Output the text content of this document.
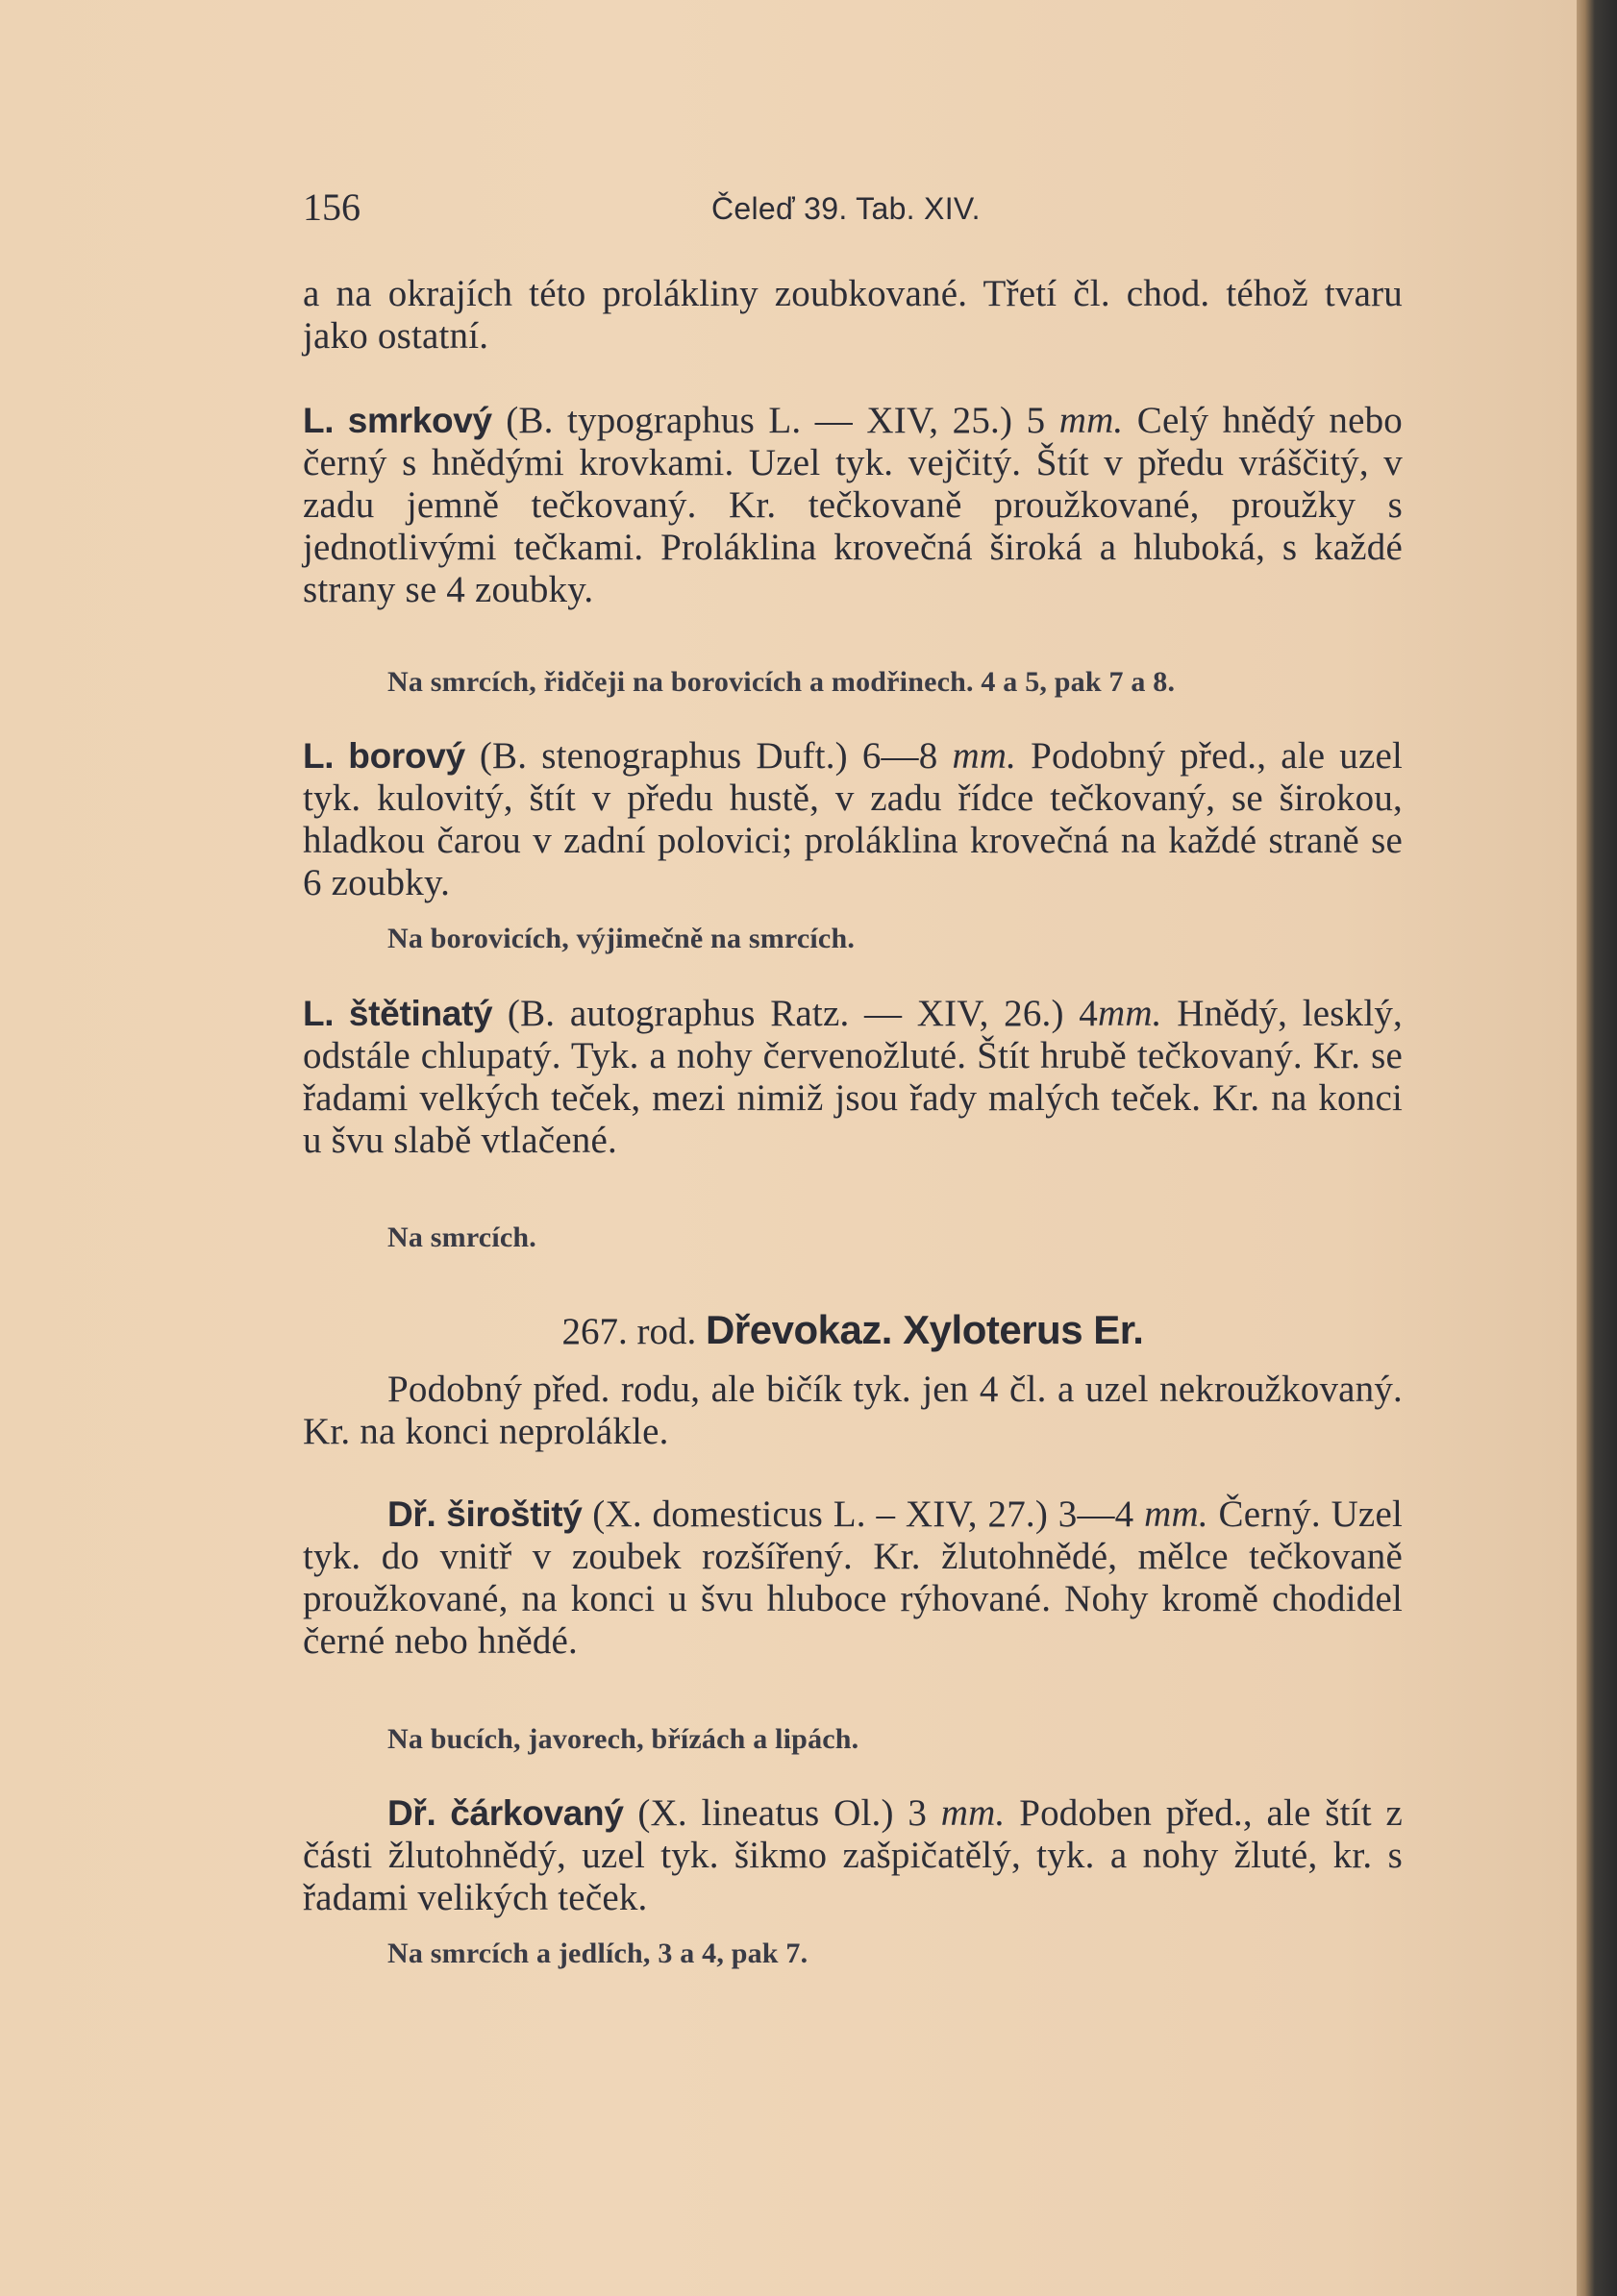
156	Čeleď 39. Tab. XIV.

a na okrajích této prolákliny zoubkované. Třetí čl. chod. téhož tvaru jako ostatní.

L. smrkový (B. typographus L. — XIV, 25.) 5 mm. Celý hnědý nebo černý s hnědými krovkami. Uzel tyk. vejčitý. Štít v předu vráščitý, v zadu jemně tečkovaný. Kr. tečkovaně proužkované, proužky s jednotlivými tečkami. Proláklina krovečná široká a hluboká, s každé strany se 4 zoubky.

Na smrcích, řidčeji na borovicích a modřinech. 4 a 5, pak 7 a 8.

L. borový (B. stenographus Duft.) 6—8 mm. Podobný před., ale uzel tyk. kulovitý, štít v předu hustě, v zadu řídce tečkovaný, se širokou, hladkou čarou v zadní polovici; proláklina krovečná na každé straně se 6 zoubky.

Na borovicích, výjimečně na smrcích.

L. štětinatý (B. autographus Ratz. — XIV, 26.) 4mm. Hnědý, lesklý, odstále chlupatý. Tyk. a nohy červenožluté. Štít hrubě tečkovaný. Kr. se řadami velkých teček, mezi nimiž jsou řady malých teček. Kr. na konci u švu slabě vtlačené.

Na smrcích.

267. rod. Dřevokaz. Xyloterus Er.

Podobný před. rodu, ale bičík tyk. jen 4 čl. a uzel nekroužkovaný. Kr. na konci neprolákle.

Dř. široštitý (X. domesticus L. – XIV, 27.) 3—4 mm. Černý. Uzel tyk. do vnitř v zoubek rozšířený. Kr. žlutohnědé, mělce tečkovaně proužkované, na konci u švu hluboce rýhované. Nohy kromě chodidel černé nebo hnědé.

Na bucích, javorech, břízách a lipách.

Dř. čárkovaný (X. lineatus Ol.) 3 mm. Podoben před., ale štít z části žlutohnědý, uzel tyk. šikmo zašpičatělý, tyk. a nohy žluté, kr. s řadami velikých teček.

Na smrcích a jedlích, 3 a 4, pak 7.
